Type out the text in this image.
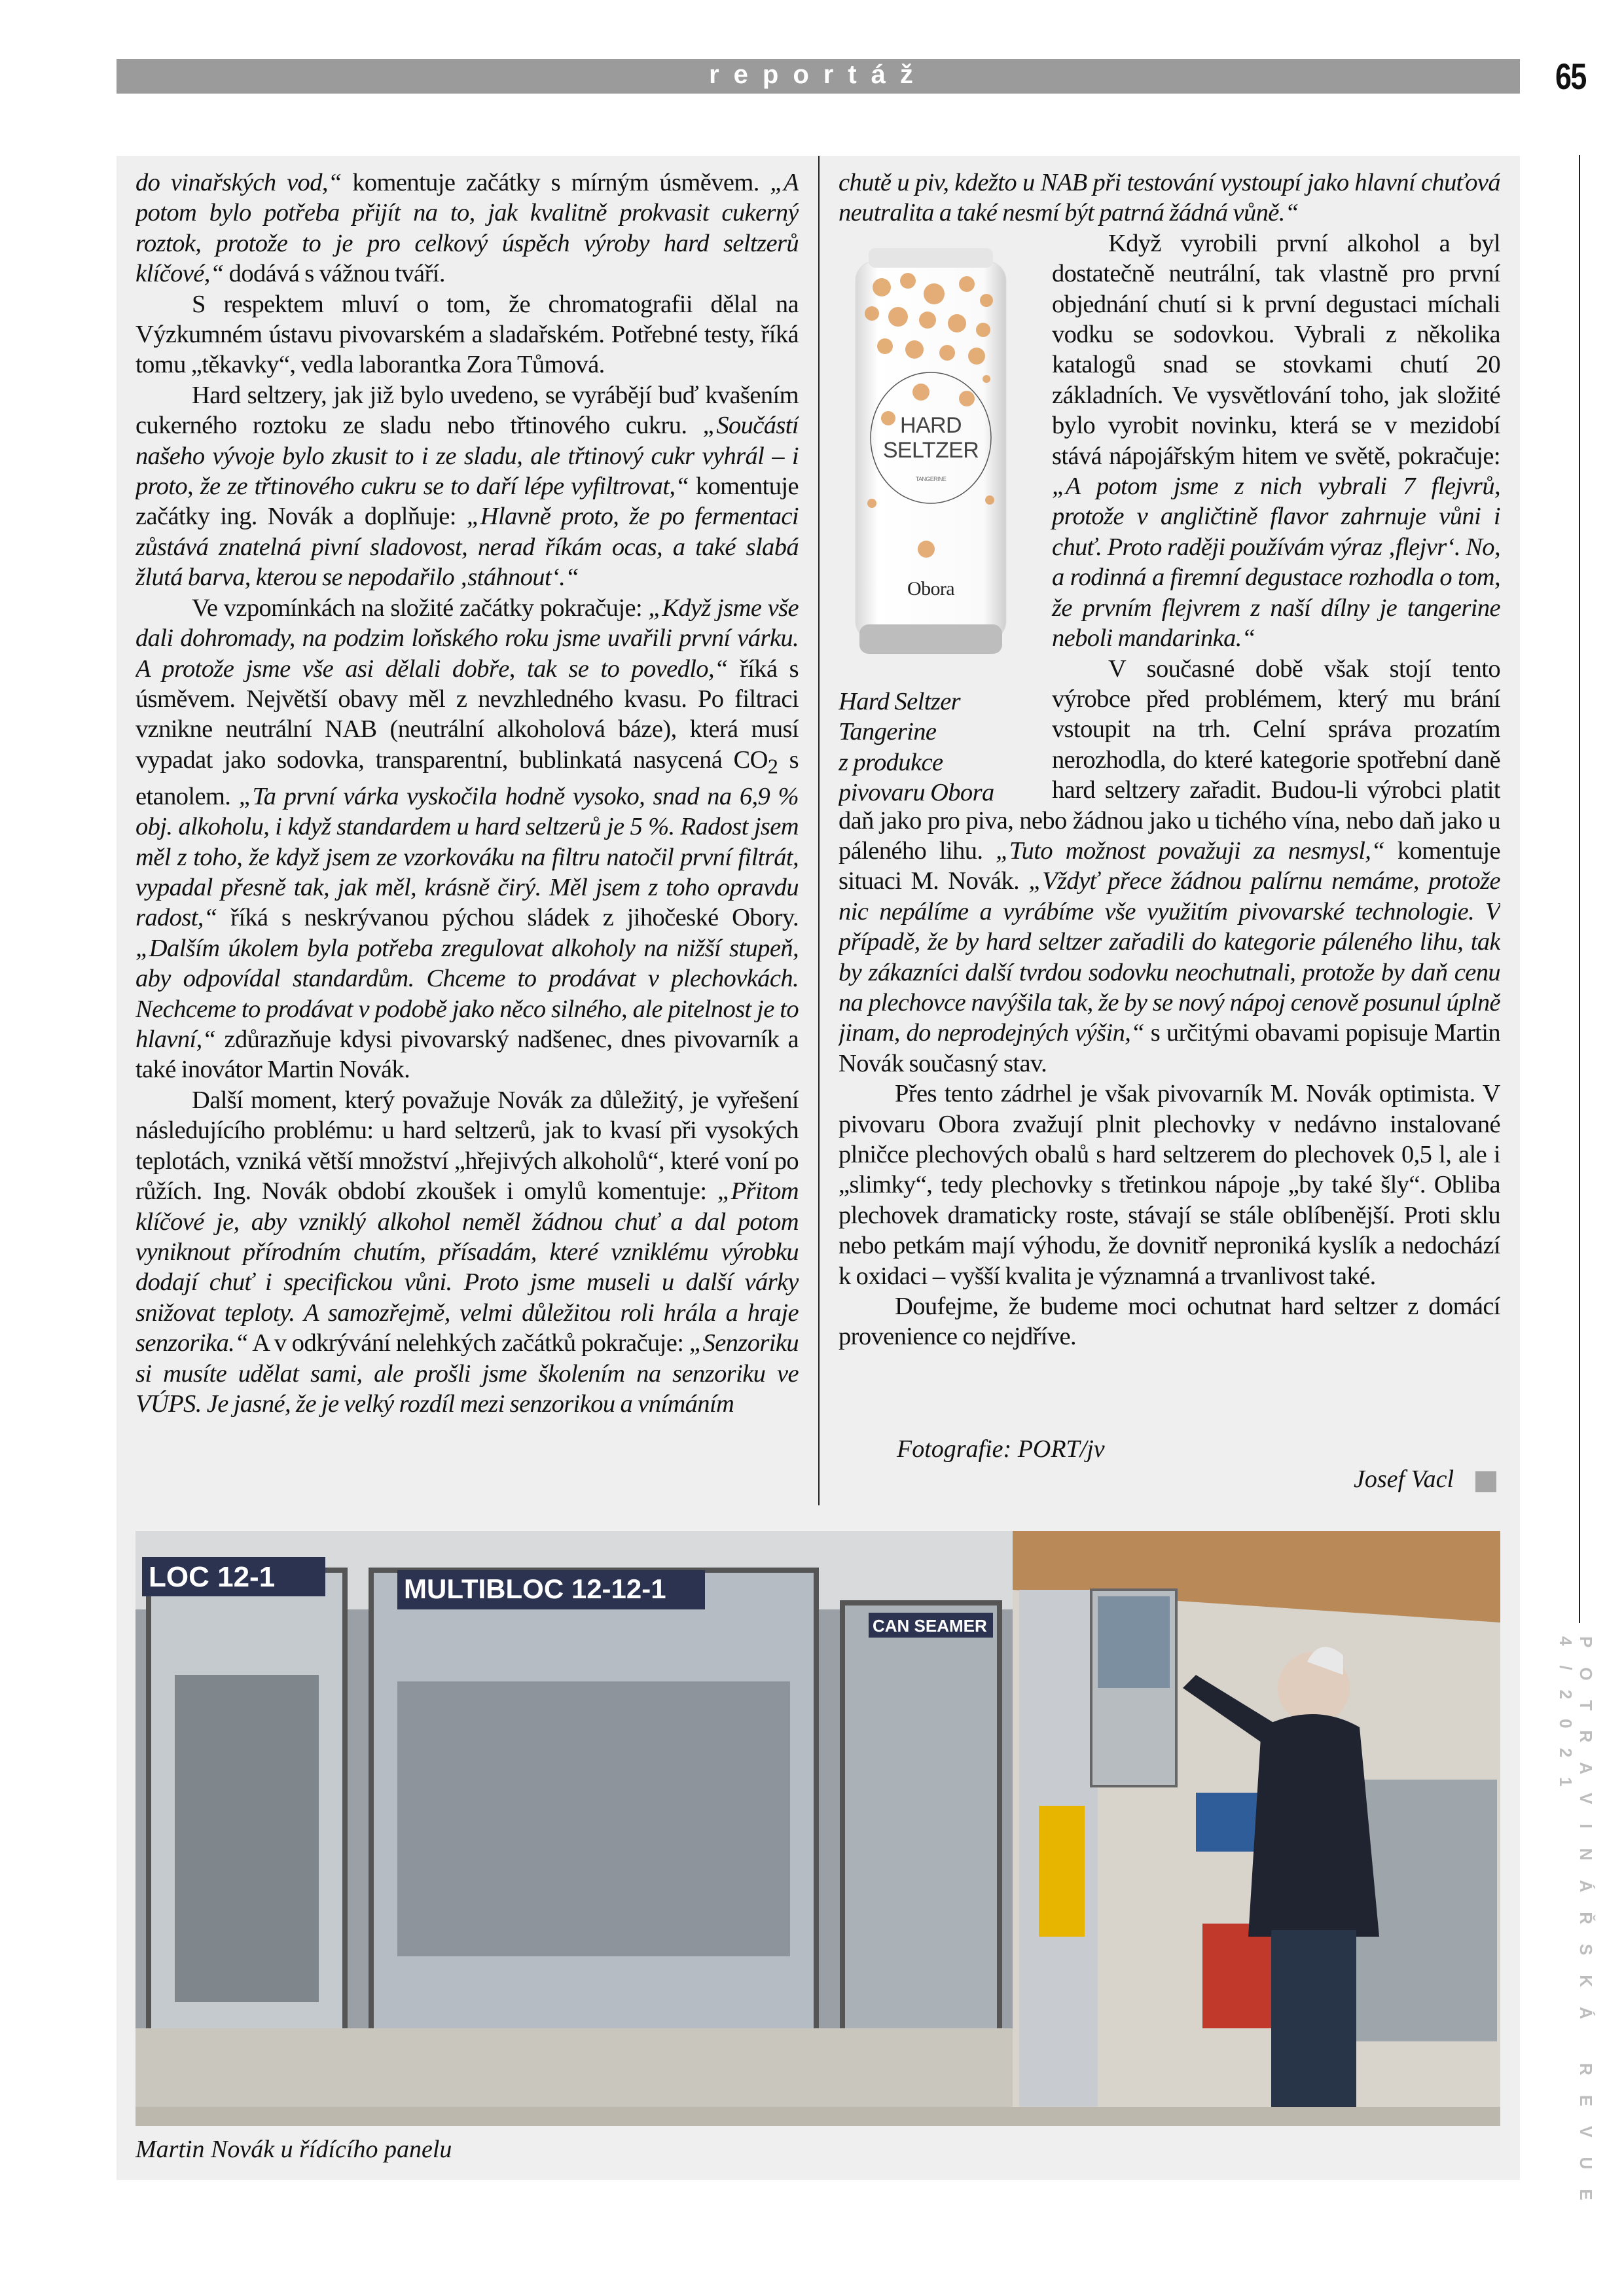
reportáž	65
POTRAVINÁŘSKÁ REVUE 4/2021

do vinařských vod,“ komentuje začátky s mírným úsměvem. „A potom bylo potřeba přijít na to, jak kvalitně prokvasit cukerný roztok, protože to je pro celkový úspěch výroby hard seltzerů klíčové,“ dodává s vážnou tváří.

S respektem mluví o tom, že chromatografii dělal na Výzkumném ústavu pivovarském a sladařském. Potřebné testy, říká tomu „těkavky“, vedla laborantka Zora Tůmová.

Hard seltzery, jak již bylo uvedeno, se vyrábějí buď kvašením cukerného roztoku ze sladu nebo třtinového cukru. „Součástí našeho vývoje bylo zkusit to i ze sladu, ale třtinový cukr vyhrál – i proto, že ze třtinového cukru se to daří lépe vyfiltrovat,“ komentuje začátky ing. Novák a doplňuje: „Hlavně proto, že po fermentaci zůstává znatelná pivní sladovost, nerad říkám ocas, a také slabá žlutá barva, kterou se nepodařilo ‚stáhnout‘.“

Ve vzpomínkách na složité začátky pokračuje: „Když jsme vše dali dohromady, na podzim loňského roku jsme uvařili první várku. A protože jsme vše asi dělali dobře, tak se to povedlo,“ říká s úsměvem. Největší obavy měl z nevzhledného kvasu. Po filtraci vznikne neutrální NAB (neutrální alkoholová báze), která musí vypadat jako sodovka, transparentní, bublinkatá nasycená $CO_2$ s etanolem. „Ta první várka vyskočila hodně vysoko, snad na 6,9 % obj. alkoholu, i když standardem u hard seltzerů je 5 %. Radost jsem měl z toho, že když jsem ze vzorkováku na filtru natočil první filtrát, vypadal přesně tak, jak měl, krásně čirý. Měl jsem z toho opravdu radost,“ říká s neskrývanou pýchou sládek z jihočeské Obory. „Dalším úkolem byla potřeba zregulovat alkoholy na nižší stupeň, aby odpovídal standardům. Chceme to prodávat v plechovkách. Nechceme to prodávat v podobě jako něco silného, ale pitelnost je to hlavní,“ zdůrazňuje kdysi pivovarský nadšenec, dnes pivovarník a také inovátor Martin Novák.

Další moment, který považuje Novák za důležitý, je vyřešení následujícího problému: u hard seltzerů, jak to kvasí při vysokých teplotách, vzniká větší množství „hřejivých alkoholů“, které voní po růžích. Ing. Novák období zkoušek i omylů komentuje: „Přitom klíčové je, aby vzniklý alkohol neměl žádnou chuť a dal potom vyniknout přírodním chutím, přísadám, které vzniklému výrobku dodají chuť i specifickou vůni. Proto jsme museli u další várky snižovat teploty. A samozřejmě, velmi důležitou roli hrála a hraje senzorika.“ A v odkrývání nelehkých začátků pokračuje: „Senzoriku si musíte udělat sami, ale prošli jsme školením na senzoriku ve VÚPS. Je jasné, že je velký rozdíl mezi senzorikou a vnímáním

chutě u piv, kdežto u NAB při testování vystoupí jako hlavní chuťová neutralita a také nesmí být patrná žádná vůně.“

HARD
SELTZER
TANGERINE
Obora
Hard Seltzer
Tangerine
z produkce
pivovaru Obora

Když vyrobili první alkohol a byl dostatečně neutrální, tak vlastně pro první objednání chutí si k první degustaci míchali vodku se sodovkou. Vybrali z několika katalogů snad se stovkami chutí 20 základních. Ve vysvětlování toho, jak složité bylo vyrobit novinku, která se v mezidobí stává nápojářským hitem ve světě, pokračuje: „A potom jsme z nich vybrali 7 flejvrů, protože v angličtině flavor zahrnuje vůni i chuť. Proto raději používám výraz ‚flejvr‘. No, a rodinná a firemní degustace rozhodla o tom, že prvním flejvrem z naší dílny je tangerine neboli mandarinka.“

V současné době však stojí tento výrobce před problémem, který mu brání vstoupit na trh. Celní správa prozatím nerozhodla, do které kategorie spotřební daně hard seltzery zařadit. Budou-li výrobci platit daň jako pro piva, nebo žádnou jako u tichého vína, nebo daň jako u páleného lihu. „Tuto možnost považuji za nesmysl,“ komentuje situaci M. Novák. „Vždyť přece žádnou palírnu nemáme, protože nic nepálíme a vyrábíme vše využitím pivovarské technologie. V případě, že by hard seltzer zařadili do kategorie páleného lihu, tak by zákazníci další tvrdou sodovku neochutnali, protože by daň cenu na plechovce navýšila tak, že by se nový nápoj cenově posunul úplně jinam, do neprodejných výšin,“ s určitými obavami popisuje Martin Novák současný stav.

Přes tento zádrhel je však pivovarník M. Novák optimista. V pivovaru Obora zvažují plnit plechovky v nedávno instalované plničce plechových obalů s hard seltzerem do plechovek 0,5 l, ale i „slimky“, tedy plechovky s třetinkou nápoje „by také šly“. Obliba plechovek dramaticky roste, stávají se stále oblíbenější. Proti sklu nebo petkám mají výhodu, že dovnitř neproniká kyslík a nedochází k oxidaci – vyšší kvalita je významná a trvanlivost také.

Doufejme, že budeme moci ochutnat hard seltzer z domácí provenience co nejdříve.

Fotografie: PORT/jv
Josef Vacl
LOC 12-1	MULTIBLOC 12-12-1
CAN SEAMER
Martin Novák u řídícího panelu
